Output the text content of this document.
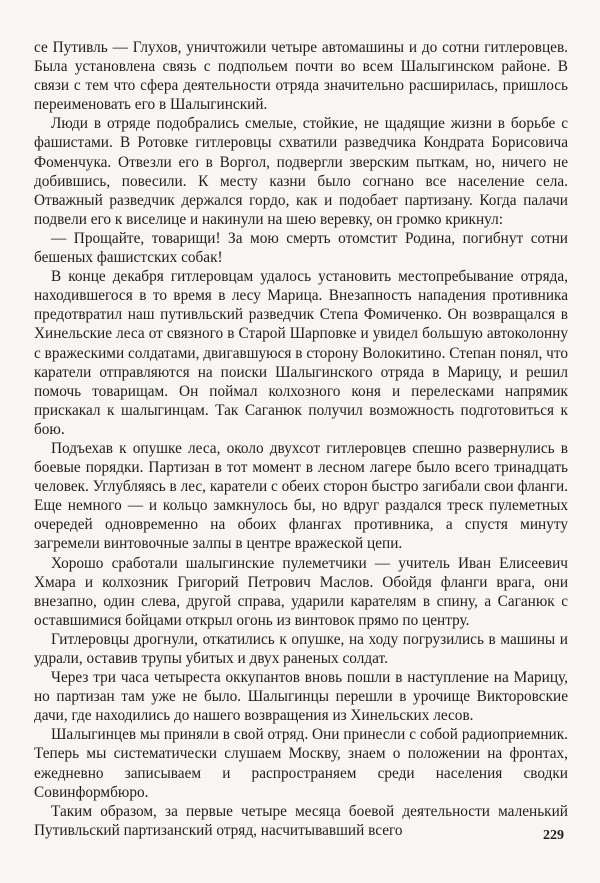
се Путивль — Глухов, уничтожили четыре автомашины и до сотни гитлеровцев. Была установлена связь с подпольем почти во всем Шалыгинском районе. В связи с тем что сфера деятельности отряда значительно расширилась, пришлось переименовать его в Шалыгинский.

Люди в отряде подобрались смелые, стойкие, не щадящие жизни в борьбе с фашистами. В Ротовке гитлеровцы схватили разведчика Кондрата Борисовича Фоменчука. Отвезли его в Воргол, подвергли зверским пыткам, но, ничего не добившись, повесили. К месту казни было согнано все население села. Отважный разведчик держался гордо, как и подобает партизану. Когда палачи подвели его к виселице и накинули на шею веревку, он громко крикнул:

— Прощайте, товарищи! За мою смерть отомстит Родина, погибнут сотни бешеных фашистских собак!

В конце декабря гитлеровцам удалось установить местопребывание отряда, находившегося в то время в лесу Марица. Внезапность нападения противника предотвратил наш путивльский разведчик Степа Фомиченко. Он возвращался в Хинельские леса от связного в Старой Шарповке и увидел большую автоколонну с вражескими солдатами, двигавшуюся в сторону Волокитино. Степан понял, что каратели отправляются на поиски Шалыгинского отряда в Марицу, и решил помочь товарищам. Он поймал колхозного коня и перелесками напрямик прискакал к шалыгинцам. Так Саганюк получил возможность подготовиться к бою.

Подъехав к опушке леса, около двухсот гитлеровцев спешно развернулись в боевые порядки. Партизан в тот момент в лесном лагере было всего тринадцать человек. Углубляясь в лес, каратели с обеих сторон быстро загибали свои фланги. Еще немного — и кольцо замкнулось бы, но вдруг раздался треск пулеметных очередей одновременно на обоих флангах противника, а спустя минуту загремели винтовочные залпы в центре вражеской цепи.

Хорошо сработали шалыгинские пулеметчики — учитель Иван Елисеевич Хмара и колхозник Григорий Петрович Маслов. Обойдя фланги врага, они внезапно, один слева, другой справа, ударили карателям в спину, а Саганюк с оставшимися бойцами открыл огонь из винтовок прямо по центру.

Гитлеровцы дрогнули, откатились к опушке, на ходу погрузились в машины и удрали, оставив трупы убитых и двух раненых солдат.

Через три часа четыреста оккупантов вновь пошли в наступление на Марицу, но партизан там уже не было. Шалыгинцы перешли в урочище Викторовские дачи, где находились до нашего возвращения из Хинельских лесов.

Шалыгинцев мы приняли в свой отряд. Они принесли с собой радиоприемник. Теперь мы систематически слушаем Москву, знаем о положении на фронтах, ежедневно записываем и распространяем среди населения сводки Совинформбюро.

Таким образом, за первые четыре месяца боевой деятельности маленький Путивльский партизанский отряд, насчитывавший всего	229
